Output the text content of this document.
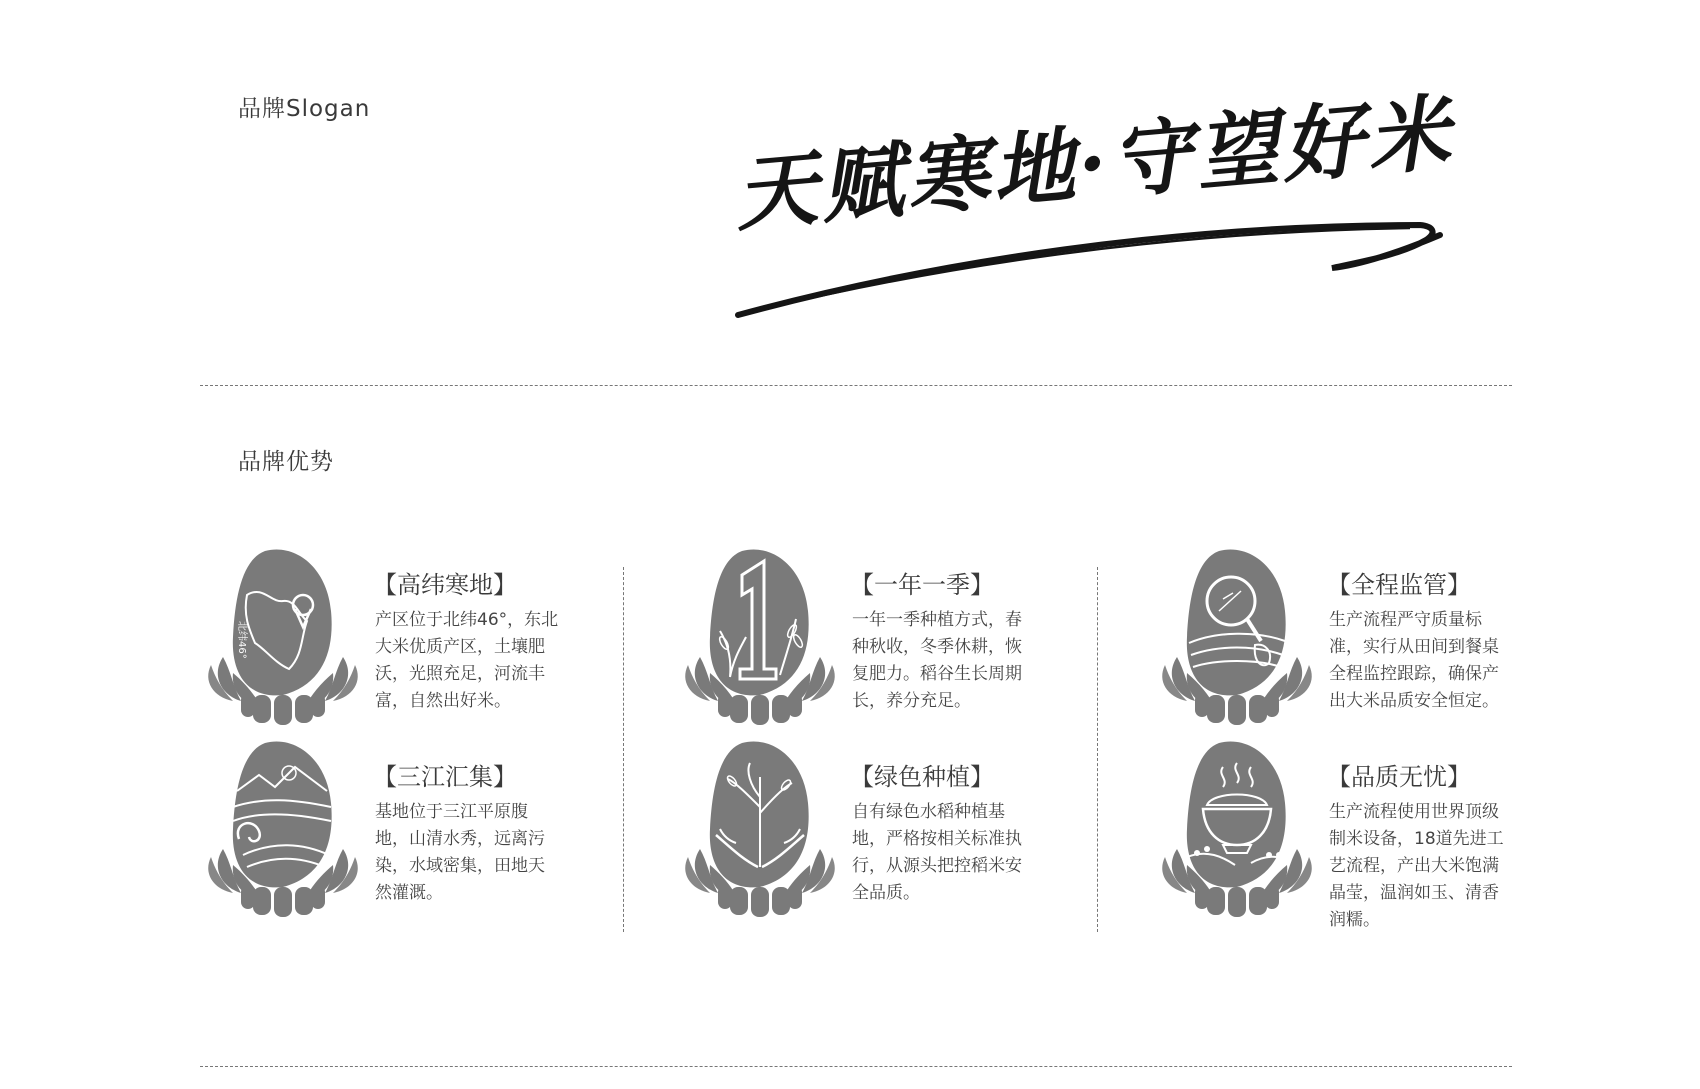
品牌Slogan	天赋寒地·守望好米
品牌优势
北纬46°
【高纬寒地】
产区位于北纬46°，东北大米优质产区，土壤肥沃，光照充足，河流丰富，自然出好米。
【一年一季】
一年一季种植方式，春种秋收，冬季休耕，恢复肥力。稻谷生长周期长，养分充足。
【全程监管】
生产流程严守质量标准，实行从田间到餐桌全程监控跟踪，确保产出大米品质安全恒定。
【三江汇集】
基地位于三江平原腹地，山清水秀，远离污染，水域密集，田地天然灌溉。
【绿色种植】
自有绿色水稻种植基地，严格按相关标准执行，从源头把控稻米安全品质。
【品质无忧】
生产流程使用世界顶级制米设备，18道先进工艺流程，产出大米饱满晶莹，温润如玉、清香润糯。
